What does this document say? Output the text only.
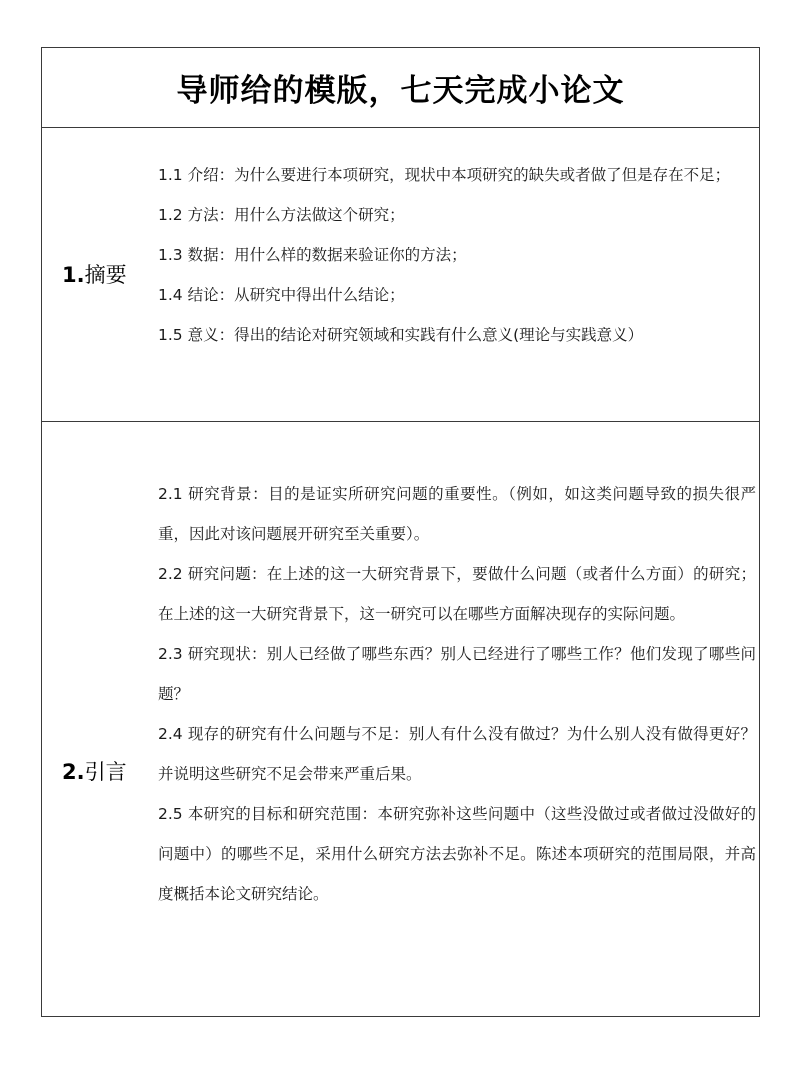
导师给的模版，七天完成小论文
1.摘要

1.1 介绍：为什么要进行本项研究，现状中本项研究的缺失或者做了但是存在不足；

1.2 方法：用什么方法做这个研究；

1.3 数据：用什么样的数据来验证你的方法；

1.4 结论：从研究中得出什么结论；

1.5 意义：得出的结论对研究领域和实践有什么意义(理论与实践意义）

2.引言

2.1 研究背景：目的是证实所研究问题的重要性。（例如，如这类问题导致的损失很严重，因此对该问题展开研究至关重要）。

2.2 研究问题：在上述的这一大研究背景下，要做什么问题（或者什么方面）的研究；在上述的这一大研究背景下，这一研究可以在哪些方面解决现存的实际问题。

2.3 研究现状：别人已经做了哪些东西？别人已经进行了哪些工作？他们发现了哪些问题？

2.4 现存的研究有什么问题与不足：别人有什么没有做过？为什么别人没有做得更好？并说明这些研究不足会带来严重后果。

2.5 本研究的目标和研究范围：本研究弥补这些问题中（这些没做过或者做过没做好的问题中）的哪些不足，采用什么研究方法去弥补不足。陈述本项研究的范围局限，并高度概括本论文研究结论。
